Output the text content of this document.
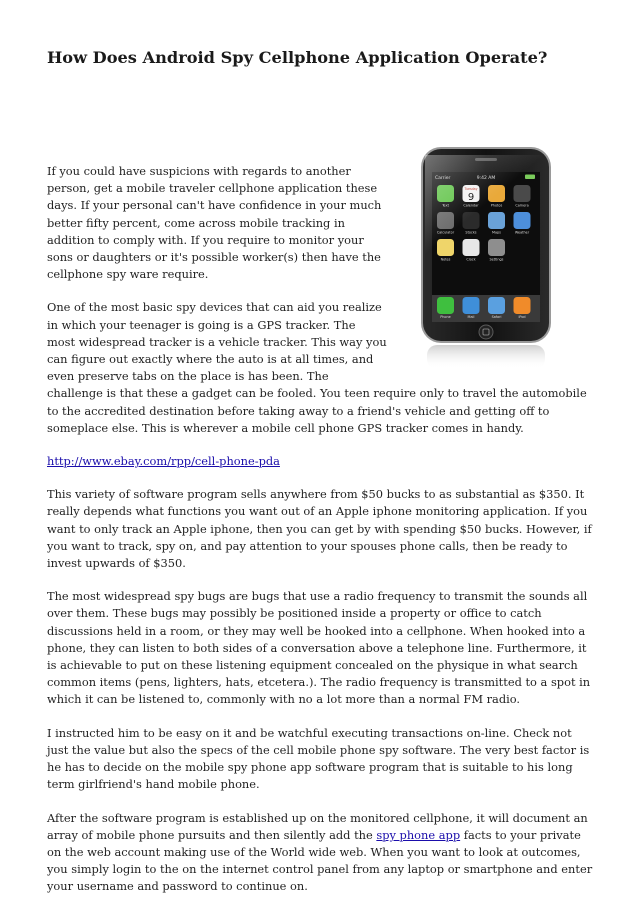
How Does Android Spy Cellphone Application Operate?
Stocks	Maps	Weather
Notes	Clock	Settings
Phone	Mail	Safari	iPod

If you could have suspicions with regards to another person, get a mobile traveler cellphone application these days. If your personal can't have confidence in your much better fifty percent, come across mobile tracking in addition to comply with. If you require to monitor your sons or daughters or it's possible worker(s) then have the cellphone spy ware require.

One of the most basic spy devices that can aid you realize in which your teenager is going is a GPS tracker. The most widespread tracker is a vehicle tracker. This way you can figure out exactly where the auto is at all times, and even preserve tabs on the place is has been. The challenge is that these a gadget can be fooled. You teen require only to travel the automobile to the accredited destination before taking away to a friend's vehicle and getting off to someplace else. This is wherever a mobile cell phone GPS tracker comes in handy.

http://www.ebay.com/rpp/cell-phone-pda

This variety of software program sells anywhere from $50 bucks to as substantial as $350. It really depends what functions you want out of an Apple iphone monitoring application. If you want to only track an Apple iphone, then you can get by with spending $50 bucks. However, if you want to track, spy on, and pay attention to your spouses phone calls, then be ready to invest upwards of $350.

The most widespread spy bugs are bugs that use a radio frequency to transmit the sounds all over them. These bugs may possibly be positioned inside a property or office to catch discussions held in a room, or they may well be hooked into a cellphone. When hooked into a phone, they can listen to both sides of a conversation above a telephone line. Furthermore, it is achievable to put on these listening equipment concealed on the physique in what search common items (pens, lighters, hats, etcetera.). The radio frequency is transmitted to a spot in which it can be listened to, commonly with no a lot more than a normal FM radio.

I instructed him to be easy on it and be watchful executing transactions on-line. Check not just the value but also the specs of the cell mobile phone spy software. The very best factor is he has to decide on the mobile spy phone app software program that is suitable to his long term girlfriend's hand mobile phone.

After the software program is established up on the monitored cellphone, it will document an array of mobile phone pursuits and then silently add the spy phone app facts to your private on the web account making use of the World wide web. When you want to look at outcomes, you simply login to the on the internet control panel from any laptop or smartphone and enter your username and password to continue on.
